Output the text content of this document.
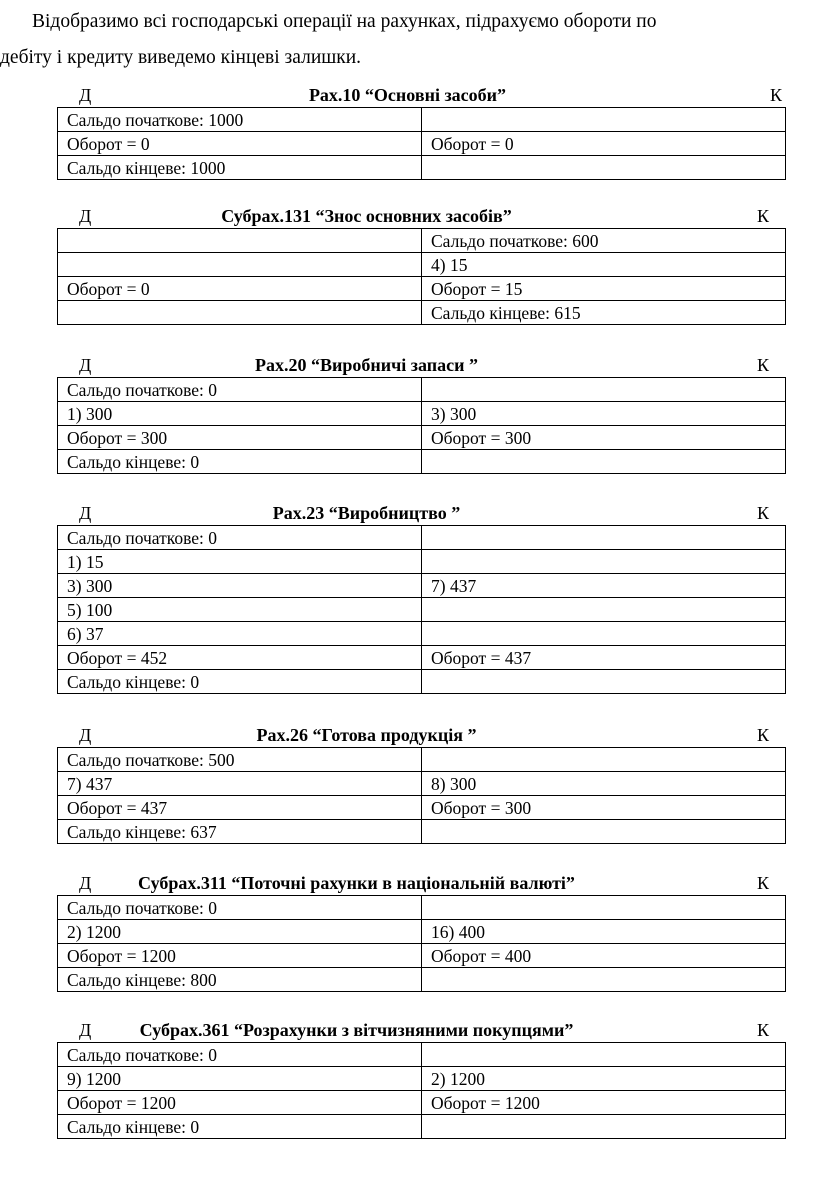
Відобразимо всі господарські операції на рахунках, підрахуємо обороти по
дебіту і кредиту виведемо кінцеві залишки.

Д	Рах.10 “Основні засоби”	К
Сальдо початкове: 1000	
Оборот = 0	Оборот = 0
Сальдо кінцеве: 1000	
Д	Субрах.131 “Знос основних засобів”	К
	Сальдо початкове: 600
	4) 15
Оборот = 0	Оборот = 15
	Сальдо кінцеве: 615
Д	Рах.20 “Виробничі запаси ”	К
Сальдо початкове: 0	
1) 300	3) 300
Оборот = 300	Оборот = 300
Сальдо кінцеве: 0	
Д	Рах.23 “Виробництво ”	К
Сальдо початкове: 0	
1) 15	
3) 300	7) 437
5) 100	
6) 37	
Оборот = 452	Оборот = 437
Сальдо кінцеве: 0	
Д	Рах.26 “Готова продукція ”	К
Сальдо початкове: 500	
7) 437	8) 300
Оборот = 437	Оборот = 300
Сальдо кінцеве: 637	
Д	Субрах.311 “Поточні рахунки в національній валюті”	К
Сальдо початкове: 0	
2) 1200	16) 400
Оборот = 1200	Оборот = 400
Сальдо кінцеве: 800	
Д	Субрах.361 “Розрахунки з вітчизняними покупцями”	К
Сальдо початкове: 0	
9) 1200	2) 1200
Оборот = 1200	Оборот = 1200
Сальдо кінцеве: 0	
